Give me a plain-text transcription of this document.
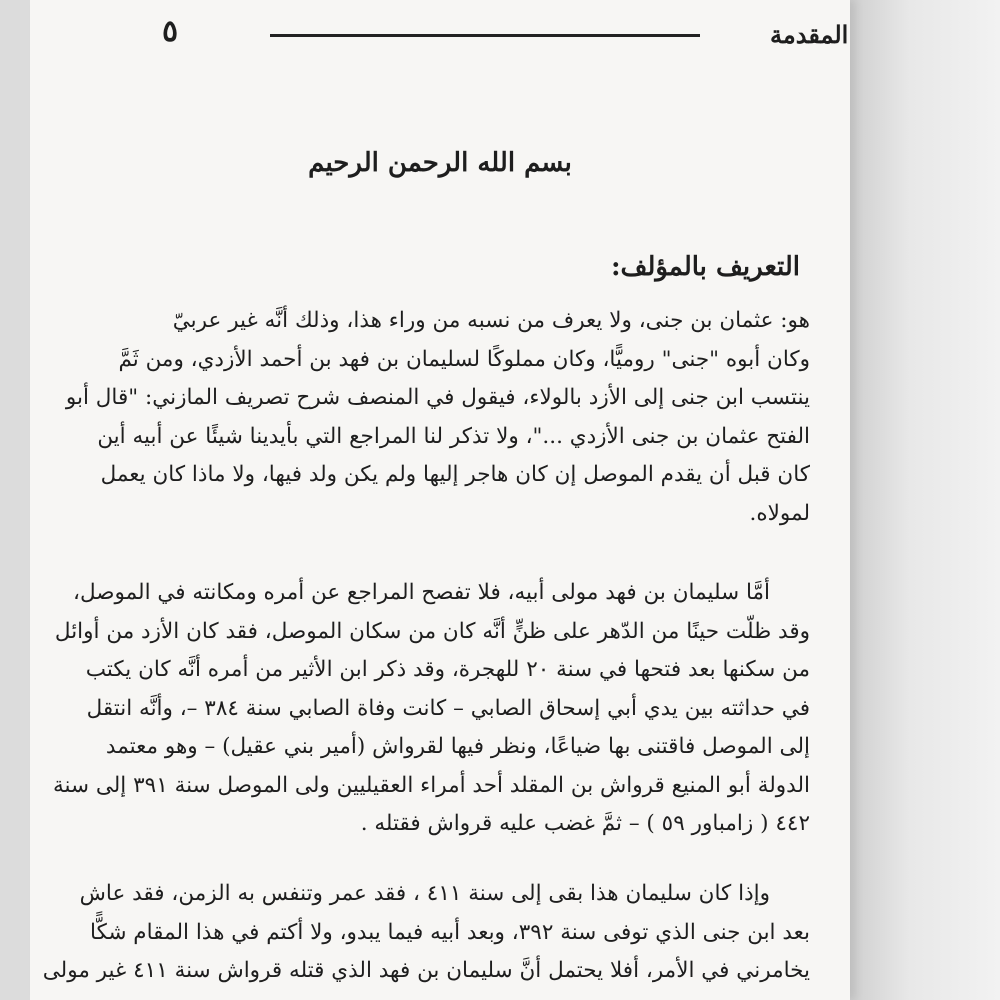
٥	المقدمة
بسم الله الرحمن الرحيم
التعريف بالمؤلف:
هو: عثمان بن جنى، ولا يعرف من نسبه من وراء هذا، وذلك أنَّه غير عربيّ
وكان أبوه "جنى" روميًّا، وكان مملوكًا لسليمان بن فهد بن أحمد الأزدي، ومن ثَمَّ
ينتسب ابن جنى إلى الأزد بالولاء، فيقول في المنصف شرح تصريف المازني: "قال أبو
الفتح عثمان بن جنى الأزدي ..."، ولا تذكر لنا المراجع التي بأيدينا شيئًا عن أبيه أين
كان قبل أن يقدم الموصل إن كان هاجر إليها ولم يكن ولد فيها، ولا ماذا كان يعمل
لمولاه.
أمَّا سليمان بن فهد مولى أبيه، فلا تفصح المراجع عن أمره ومكانته في الموصل،
وقد ظلّت حينًا من الدّهر على ظنٍّ أنَّه كان من سكان الموصل، فقد كان الأزد من أوائل
من سكنها بعد فتحها في سنة ٢٠ للهجرة، وقد ذكر ابن الأثير من أمره أنَّه كان يكتب
في حداثته بين يدي أبي إسحاق الصابي – كانت وفاة الصابي سنة ٣٨٤ –، وأنَّه انتقل
إلى الموصل فاقتنى بها ضياعًا، ونظر فيها لقرواش (أمير بني عقيل) – وهو معتمد
الدولة أبو المنيع قرواش بن المقلد أحد أمراء العقيليين ولى الموصل سنة ٣٩١ إلى سنة
٤٤٢ ( زامباور ٥٩ ) – ثمَّ غضب عليه قرواش فقتله .
وإذا كان سليمان هذا بقى إلى سنة ٤١١ ، فقد عمر وتنفس به الزمن، فقد عاش
بعد ابن جنى الذي توفى سنة ٣٩٢، وبعد أبيه فيما يبدو، ولا أكتم في هذا المقام شكًّا
يخامرني في الأمر، أفلا يحتمل أنَّ سليمان بن فهد الذي قتله قرواش سنة ٤١١ غير مولى
